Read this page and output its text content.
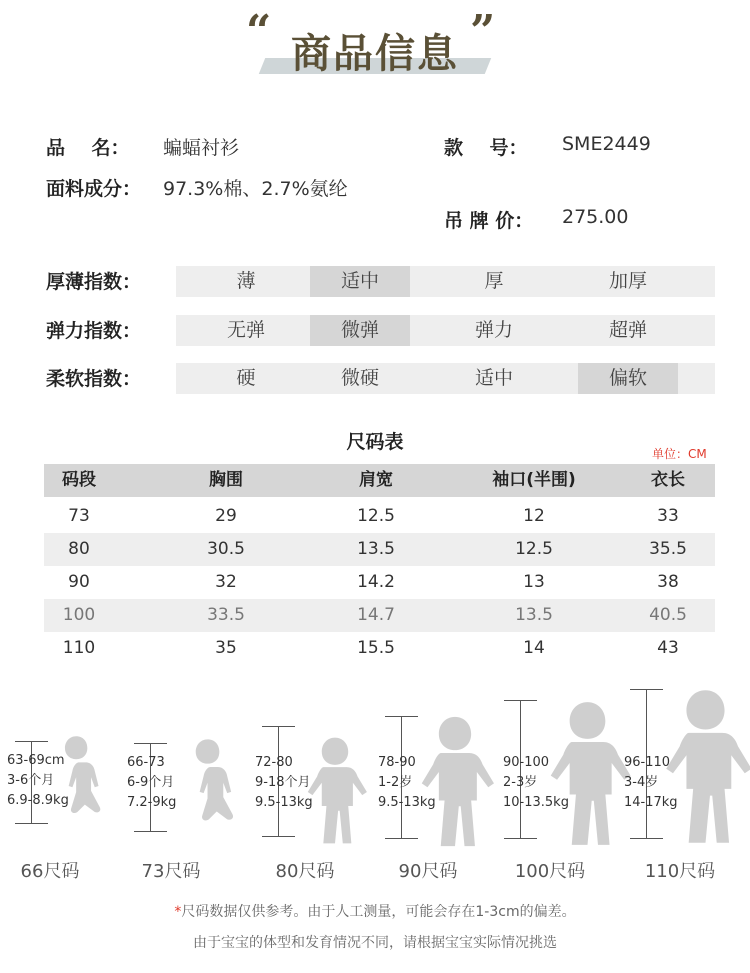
“ 商品信息 ”
品    名： 蝙蝠衬衫	款    号： SME2449
面料成分： 97.3%棉、2.7%氨纶
吊 牌 价： 275.00
厚薄指数：	薄	适中	厚	加厚
弹力指数：	无弹	微弹	弹力	超弹
柔软指数：	硬	微硬	适中	偏软
尺码表
单位：CM
码段	胸围	肩宽	袖口(半围)	衣长
73	29	12.5	12	33
80	30.5	13.5	12.5	35.5
90	32	14.2	13	38
100	33.5	14.7	13.5	40.5
110	35	15.5	14	43
63-69cm
3-6个月
6.9-8.9kg
66尺码
66-73
6-9个月
7.2-9kg
73尺码
72-80
9-18个月
9.5-13kg
80尺码
78-90
1-2岁
9.5-13kg
90尺码
90-100
2-3岁
10-13.5kg
100尺码
96-110
3-4岁
14-17kg
110尺码
*尺码数据仅供参考。由于人工测量，可能会存在1-3cm的偏差。
由于宝宝的体型和发育情况不同，请根据宝宝实际情况挑选
